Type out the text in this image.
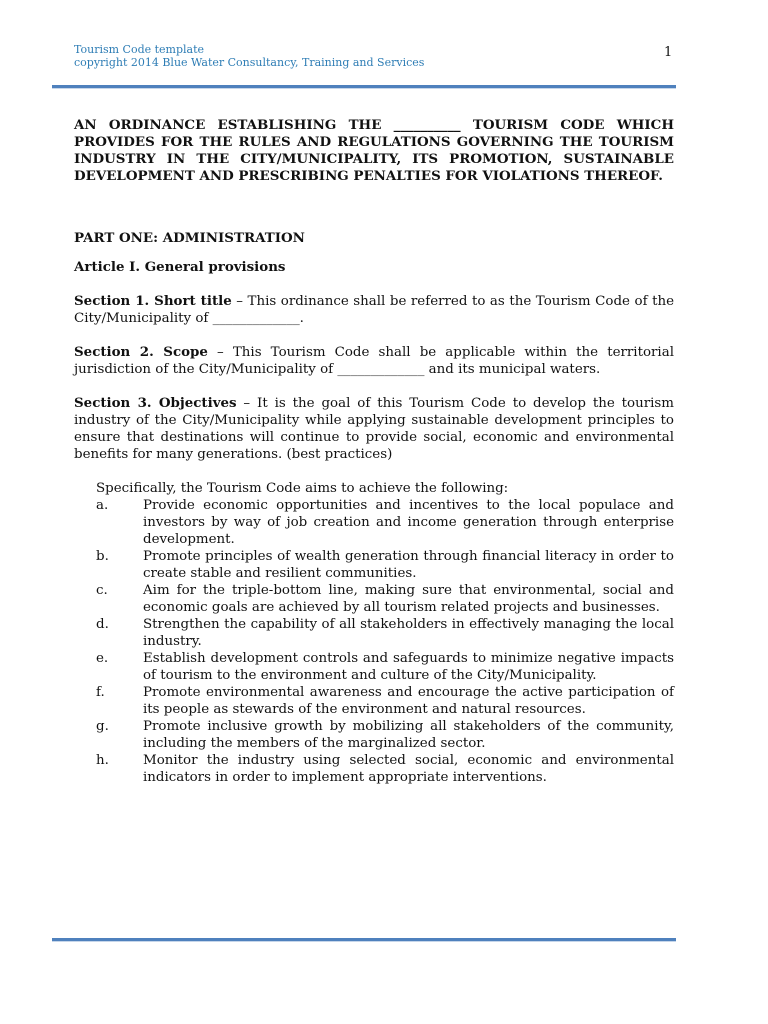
Tourism Code template
copyright 2014 Blue Water Consultancy, Training and Services
1

AN ORDINANCE ESTABLISHING THE __________ TOURISM CODE WHICH PROVIDES FOR THE RULES AND REGULATIONS GOVERNING THE TOURISM INDUSTRY IN THE CITY/MUNICIPALITY, ITS PROMOTION, SUSTAINABLE DEVELOPMENT AND PRESCRIBING PENALTIES FOR VIOLATIONS THEREOF.

PART ONE: ADMINISTRATION

Article I. General provisions

Section 1. Short title – This ordinance shall be referred to as the Tourism Code of the City/Municipality of _____________.

Section 2. Scope – This Tourism Code shall be applicable within the territorial jurisdiction of the City/Municipality of _____________ and its municipal waters.

Section 3. Objectives – It is the goal of this Tourism Code to develop the tourism industry of the City/Municipality while applying sustainable development principles to ensure that destinations will continue to provide social, economic and environmental benefits for many generations. (best practices)

Specifically, the Tourism Code aims to achieve the following:

a.	Provide economic opportunities and incentives to the local populace and investors by way of job creation and income generation through enterprise development.
b.	Promote principles of wealth generation through financial literacy in order to create stable and resilient communities.
c.	Aim for the triple-bottom line, making sure that environmental, social and economic goals are achieved by all tourism related projects and businesses.
d.	Strengthen the capability of all stakeholders in effectively managing the local industry.
e.	Establish development controls and safeguards to minimize negative impacts of tourism to the environment and culture of the City/Municipality.
f.	Promote environmental awareness and encourage the active participation of its people as stewards of the environment and natural resources.
g.	Promote inclusive growth by mobilizing all stakeholders of the community, including the members of the marginalized sector.
h.	Monitor the industry using selected social, economic and environmental indicators in order to implement appropriate interventions.
